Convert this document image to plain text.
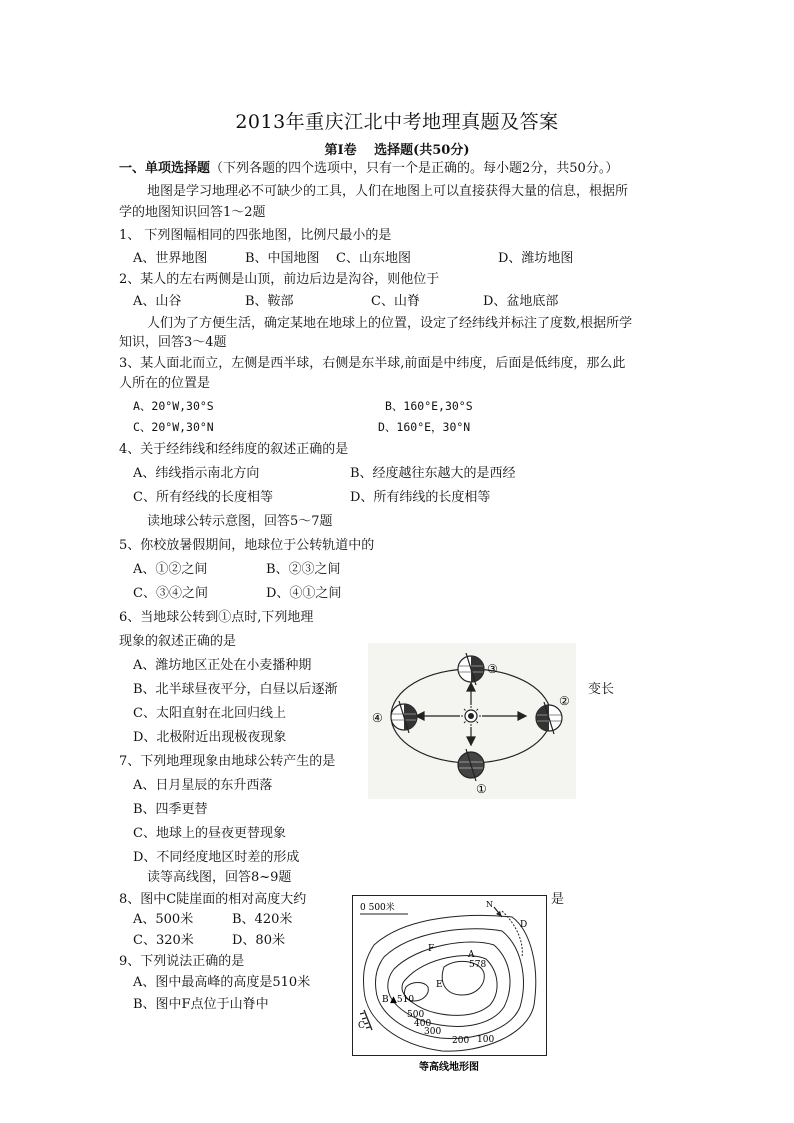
2013年重庆江北中考地理真题及答案
第Ⅰ卷　 选择题(共50分)
一、单项选择题（下列各题的四个选项中，只有一个是正确的。每小题2分，共50分。）
地图是学习地理必不可缺少的工具，人们在地图上可以直接获得大量的信息，根据所
学的地图知识回答1～2题
1、 下列图幅相同的四张地图，比例尺最小的是
A、世界地图	B、中国地图 C、山东地图	D、潍坊地图
2、某人的左右两侧是山顶，前边后边是沟谷，则他位于
A、山谷	B、鞍部	C、山脊	D、盆地底部
人们为了方便生活，确定某地在地球上的位置，设定了经纬线并标注了度数,根据所学
知识，回答3～4题
3、某人面北而立，左侧是西半球，右侧是东半球,前面是中纬度，后面是低纬度，那么此
人所在的位置是
A、20°W,30°S	B、160°E,30°S
C、20°W,30°N	D、160°E，30°N
4、关于经纬线和经纬度的叙述正确的是
A、纬线指示南北方向	B、经度越往东越大的是西经
C、所有经线的长度相等	D、所有纬线的长度相等
读地球公转示意图，回答5～7题
5、你校放暑假期间，地球位于公转轨道中的
A、①②之间	B、②③之间
C、③④之间	D、④①之间
6、当地球公转到①点时,下列地理
现象的叙述正确的是
A、潍坊地区正处在小麦播种期
B、北半球昼夜平分，白昼以后逐渐	变长
C、太阳直射在北回归线上
D、北极附近出现极夜现象
7、下列地理现象由地球公转产生的是
A、日月星辰的东升西落
B、四季更替
C、地球上的昼夜更替现象
D、不同经度地区时差的形成
读等高线图，回答8~9题
8、图中C陡崖面的相对高度大约	是
A、500米	B、420米
C、320米	D、80米
9、下列说法正确的是
A、图中最高峰的高度是510米
B、图中F点位于山脊中
③
②
④
①
0 500米	N
A
578
B ▲510
C
D
E
F
500
400
300
200 100
等高线地形图
